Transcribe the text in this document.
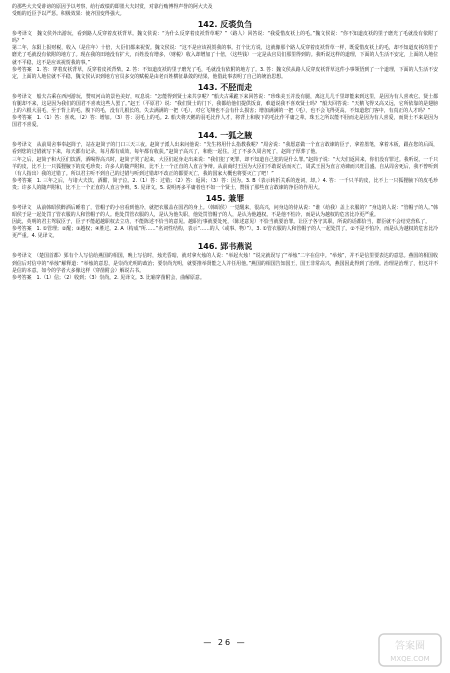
的那些大夫受诽谤的原因予以考察，给行政绩的即墨大夫封赏，对靠行贿博得声誉的阿大夫及

受贿的近臣予以严惩。积极效果：使齐国变得强大。

142. 反裘负刍

参考译文　魏文侯外出游玩，看到路人反穿着皮袄背草。魏文侯说：“为什么反穿着皮袄背草呢？”（路人）回答说：“我爱惜皮袄上的毛。”魏文侯说：“你不知道皮袄的里子磨光了毛就没有依附了吗？”

第二年，东阳上报财税，收入（是往年）十倍，大臣们都来祝贺。魏文侯说：“这不是应该祝贺我的事。打个比方说，这就像那个路人反穿着皮袄背草一样，既爱惜皮袄上的毛，却不知道皮袄的里子磨光了毛就没有依附的地方了。现在我的田地没有扩大，百姓没有增多，（财税）收入却增加了十倍，（这些钱）一定是从官员们那里得到的。我听说这样的道理，下面的人生活不安定，上面的人地位就不平稳，这不是应该祝贺我的事。”

参考答案　1. 答：穿着皮袄背草，反穿着皮袄背柴。2. 答：不知道皮袄的里子磨光了毛，毛就没有依附的地方了。3. 答：魏文侯从路人反穿皮袄背草这件小事领悟到了一个道理，下面的人生活不安定，上面的人地位就不平稳，魏文侯认识到地方官员多交的赋税是由老百姓横征暴敛的结果，他借此事表明了自己的统治思想。

143. 不胫而走

参考译文　船夫古乘在西河游玩，赞叹河山的景色美好，叹息说：“怎能得到贤士来共享呢？”船夫古乘跪下来回答说：“珍珠美玉并没有腿，离这儿几千里却能来到这里，是因为有人喜欢它。贤士都有腿却不来，这是因为我们的国君不喜欢这些人罢了。”赵王（平原君）说：“我们贤士的门下，我都给他们提供饭食，难道说我不喜欢贤士吗？”船夫回答说：“天鹅飞得又高又远，它所依靠的是翅膀上的六根大羽毛，至于背上的毛，腹下的毛，没有几根长的。失去满满的一把（毛），对它飞翔也不会有什么损害；增加满满的一把（毛），也不会飞得更高。不知道您门客中，有真正的人才吗？”

参考答案　1.（1）答：喜欢。（2）答：增加。（3）答：羽毛上的毛。2. 船夫将天鹅的羽毛比作人才，将背上和腹下的毛比作平庸之辈。珠玉之所以能不胫而走是因为有人喜爱，而贤士不来是因为国君不喜爱。

144. 一狐之腋

参考译文　从前周舍事奉赵简子，站在赵简子的门口三天三夜。赵简子派人出来问他说：“先生将用什么指教我呢？”周舍说：“我愿意做一个直言敢谏的臣子，拿着墨笔，拿着木板，跟在您的后面，看到您的过错就写下来，每天都有记录，每月都有成效，每年都有收获。”赵简子高兴了，和他一起住。过了不多久周舍死了，赵简子厚葬了他。

三年之后，赵简子和大臣们饮酒，酒喝得高兴时，赵简子哭了起来，大臣们起身走出来说：“我们犯了死罪，却不知道自己犯的是什么罪。”赵简子说：“大夫们返回来，你们没有罪过。我听说，一千只羊的皮，比不上一只狐狸腋下的皮毛珍贵；许多人的随声附和，比不上一个正直的人直言争辩。从前商纣王因为大臣们不敢说话而灭亡，周武王因为直言劝谏而兴旺昌盛。自从周舍死后，我不曾听到（有人指出）我的过错了。所以君主听不到自己的过错与听到过错却不改正的都要灭亡，我的国家大概也将要灭亡了吧！”

参考答案　1. 三年之后，与诸大夫饮，酒酣，简子泣。2.（1）答：过错；（2）答：返回；（3）答：因为。3. B（表示转折关系的连词，却。）4. 答：一千只羊的皮，比不上一只狐狸腋下的皮毛珍贵；许多人的随声附和，比不上一个正直的人直言争辩。5. 见译文。5. 说明再多平庸者也不如一个贤士，赞扬了那些直言敢谏的净臣的作用大。

145. 兼罪

参考译文　从前韩昭侯醉酒后睡着了，管帽子的小官看到他冷，就把衣服盖在国君的身上。（韩昭侯）一觉醒来，很高兴，问身边的侍从说：“谁（给我）盖上衣服的？”身边的人说：“管帽子的人。”韩昭侯于是一起处罚了管衣服的人和管帽子的人。他处罚管衣服的人，是认为他失职，他处罚管帽子的人，是认为他越权。不是他不怕冷，而是认为越权的危害比冷更严重。

因此，英明的君主驾驭臣子，臣子不能超越职权去立功，不能陈述不恰当的意见。越职行事就要处死，（陈述意见）不恰当就要治罪。让臣子各守其职，所说的话都恰当，群臣就不会结党营私了。

参考答案　1. ①管理；②醒；③越权；④胜过。2. A（构成“所……”名词性结构，表示“……的人（或事、物）”）。3. ①管衣服的人和管帽子的人一起处罚了。②不是不怕冷，而是认为越权的危害比冷更严重。4. 见译文。

146. 郢书燕说

参考译文　（楚国首都）郢有个人写信给燕国的相国，晚上写信时，烛光昏暗，就对拿火烛的人说：“举起火烛！”说完就误写了“举烛”二字在信中。“举烛”，并不是信里要表达的意思。燕国的相国收到信后对信中的“举烛”解释道：“举烛的意思，是崇尚光明的政治；要崇尚光明，就要推举贤能之人并任用他。”燕国的相国告知国王，国王非常高兴，燕国因此得到了治理。治理是治理了，但这并不是信的本意。如今的学者大多像这样（穿凿附会）解说古书。

参考答案　1.（1）信；（2）收到；（3）崇尚。2. 见译文。3. 比喻穿凿附会，曲解原意。

— 26 —	答案圈
MXQE.COM
